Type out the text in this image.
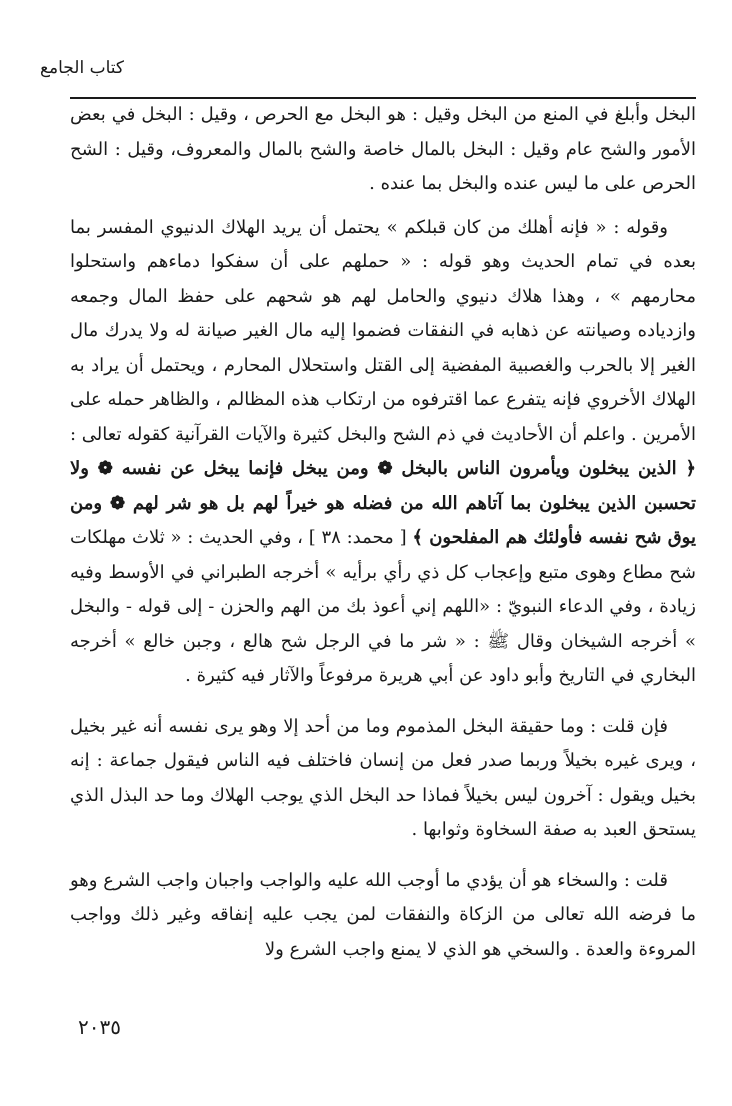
كتاب الجامع

البخل وأبلغ في المنع من البخل وقيل : هو البخل مع الحرص ، وقيل : البخل في بعض الأمور والشح عام وقيل : البخل بالمال خاصة والشح بالمال والمعروف، وقيل : الشح الحرص على ما ليس عنده والبخل بما عنده .

وقوله : « فإنه أهلك من كان قبلكم » يحتمل أن يريد الهلاك الدنيوي المفسر بما بعده في تمام الحديث وهو قوله : « حملهم على أن سفكوا دماءهم واستحلوا محارمهم » ، وهذا هلاك دنيوي والحامل لهم هو شحهم على حفظ المال وجمعه وازدياده وصيانته عن ذهابه في النفقات فضموا إليه مال الغير صيانة له ولا يدرك مال الغير إلا بالحرب والغصبية المفضية إلى القتل واستحلال المحارم ، ويحتمل أن يراد به الهلاك الأخروي فإنه يتفرع عما اقترفوه من ارتكاب هذه المظالم ، والظاهر حمله على الأمرين . واعلم أن الأحاديث في ذم الشح والبخل كثيرة والآيات القرآنية كقوله تعالى : ﴿ الذين يبخلون ويأمرون الناس بالبخل ❁ ومن يبخل فإنما يبخل عن نفسه ❁ ولا تحسبن الذين يبخلون بما آتاهم الله من فضله هو خيراً لهم بل هو شر لهم ❁ ومن يوق شح نفسه فأولئك هم المفلحون ﴾ [ محمد: ٣٨ ] ، وفي الحديث : « ثلاث مهلكات شح مطاع وهوى متبع وإعجاب كل ذي رأي برأيه » أخرجه الطبراني في الأوسط وفيه زيادة ، وفي الدعاء النبويّ : «اللهم إني أعوذ بك من الهم والحزن - إلى قوله - والبخل » أخرجه الشيخان وقال ﷺ : « شر ما في الرجل شح هالع ، وجبن خالع » أخرجه البخاري في التاريخ وأبو داود عن أبي هريرة مرفوعاً والآثار فيه كثيرة .

فإن قلت : وما حقيقة البخل المذموم وما من أحد إلا وهو يرى نفسه أنه غير بخيل ، ويرى غيره بخيلاً وربما صدر فعل من إنسان فاختلف فيه الناس فيقول جماعة : إنه بخيل ويقول : آخرون ليس بخيلاً فماذا حد البخل الذي يوجب الهلاك وما حد البذل الذي يستحق العبد به صفة السخاوة وثوابها .

قلت : والسخاء هو أن يؤدي ما أوجب الله عليه والواجب واجبان واجب الشرع وهو ما فرضه الله تعالى من الزكاة والنفقات لمن يجب عليه إنفاقه وغير ذلك وواجب المروءة والعدة . والسخي هو الذي لا يمنع واجب الشرع ولا

٢٠٣٥
